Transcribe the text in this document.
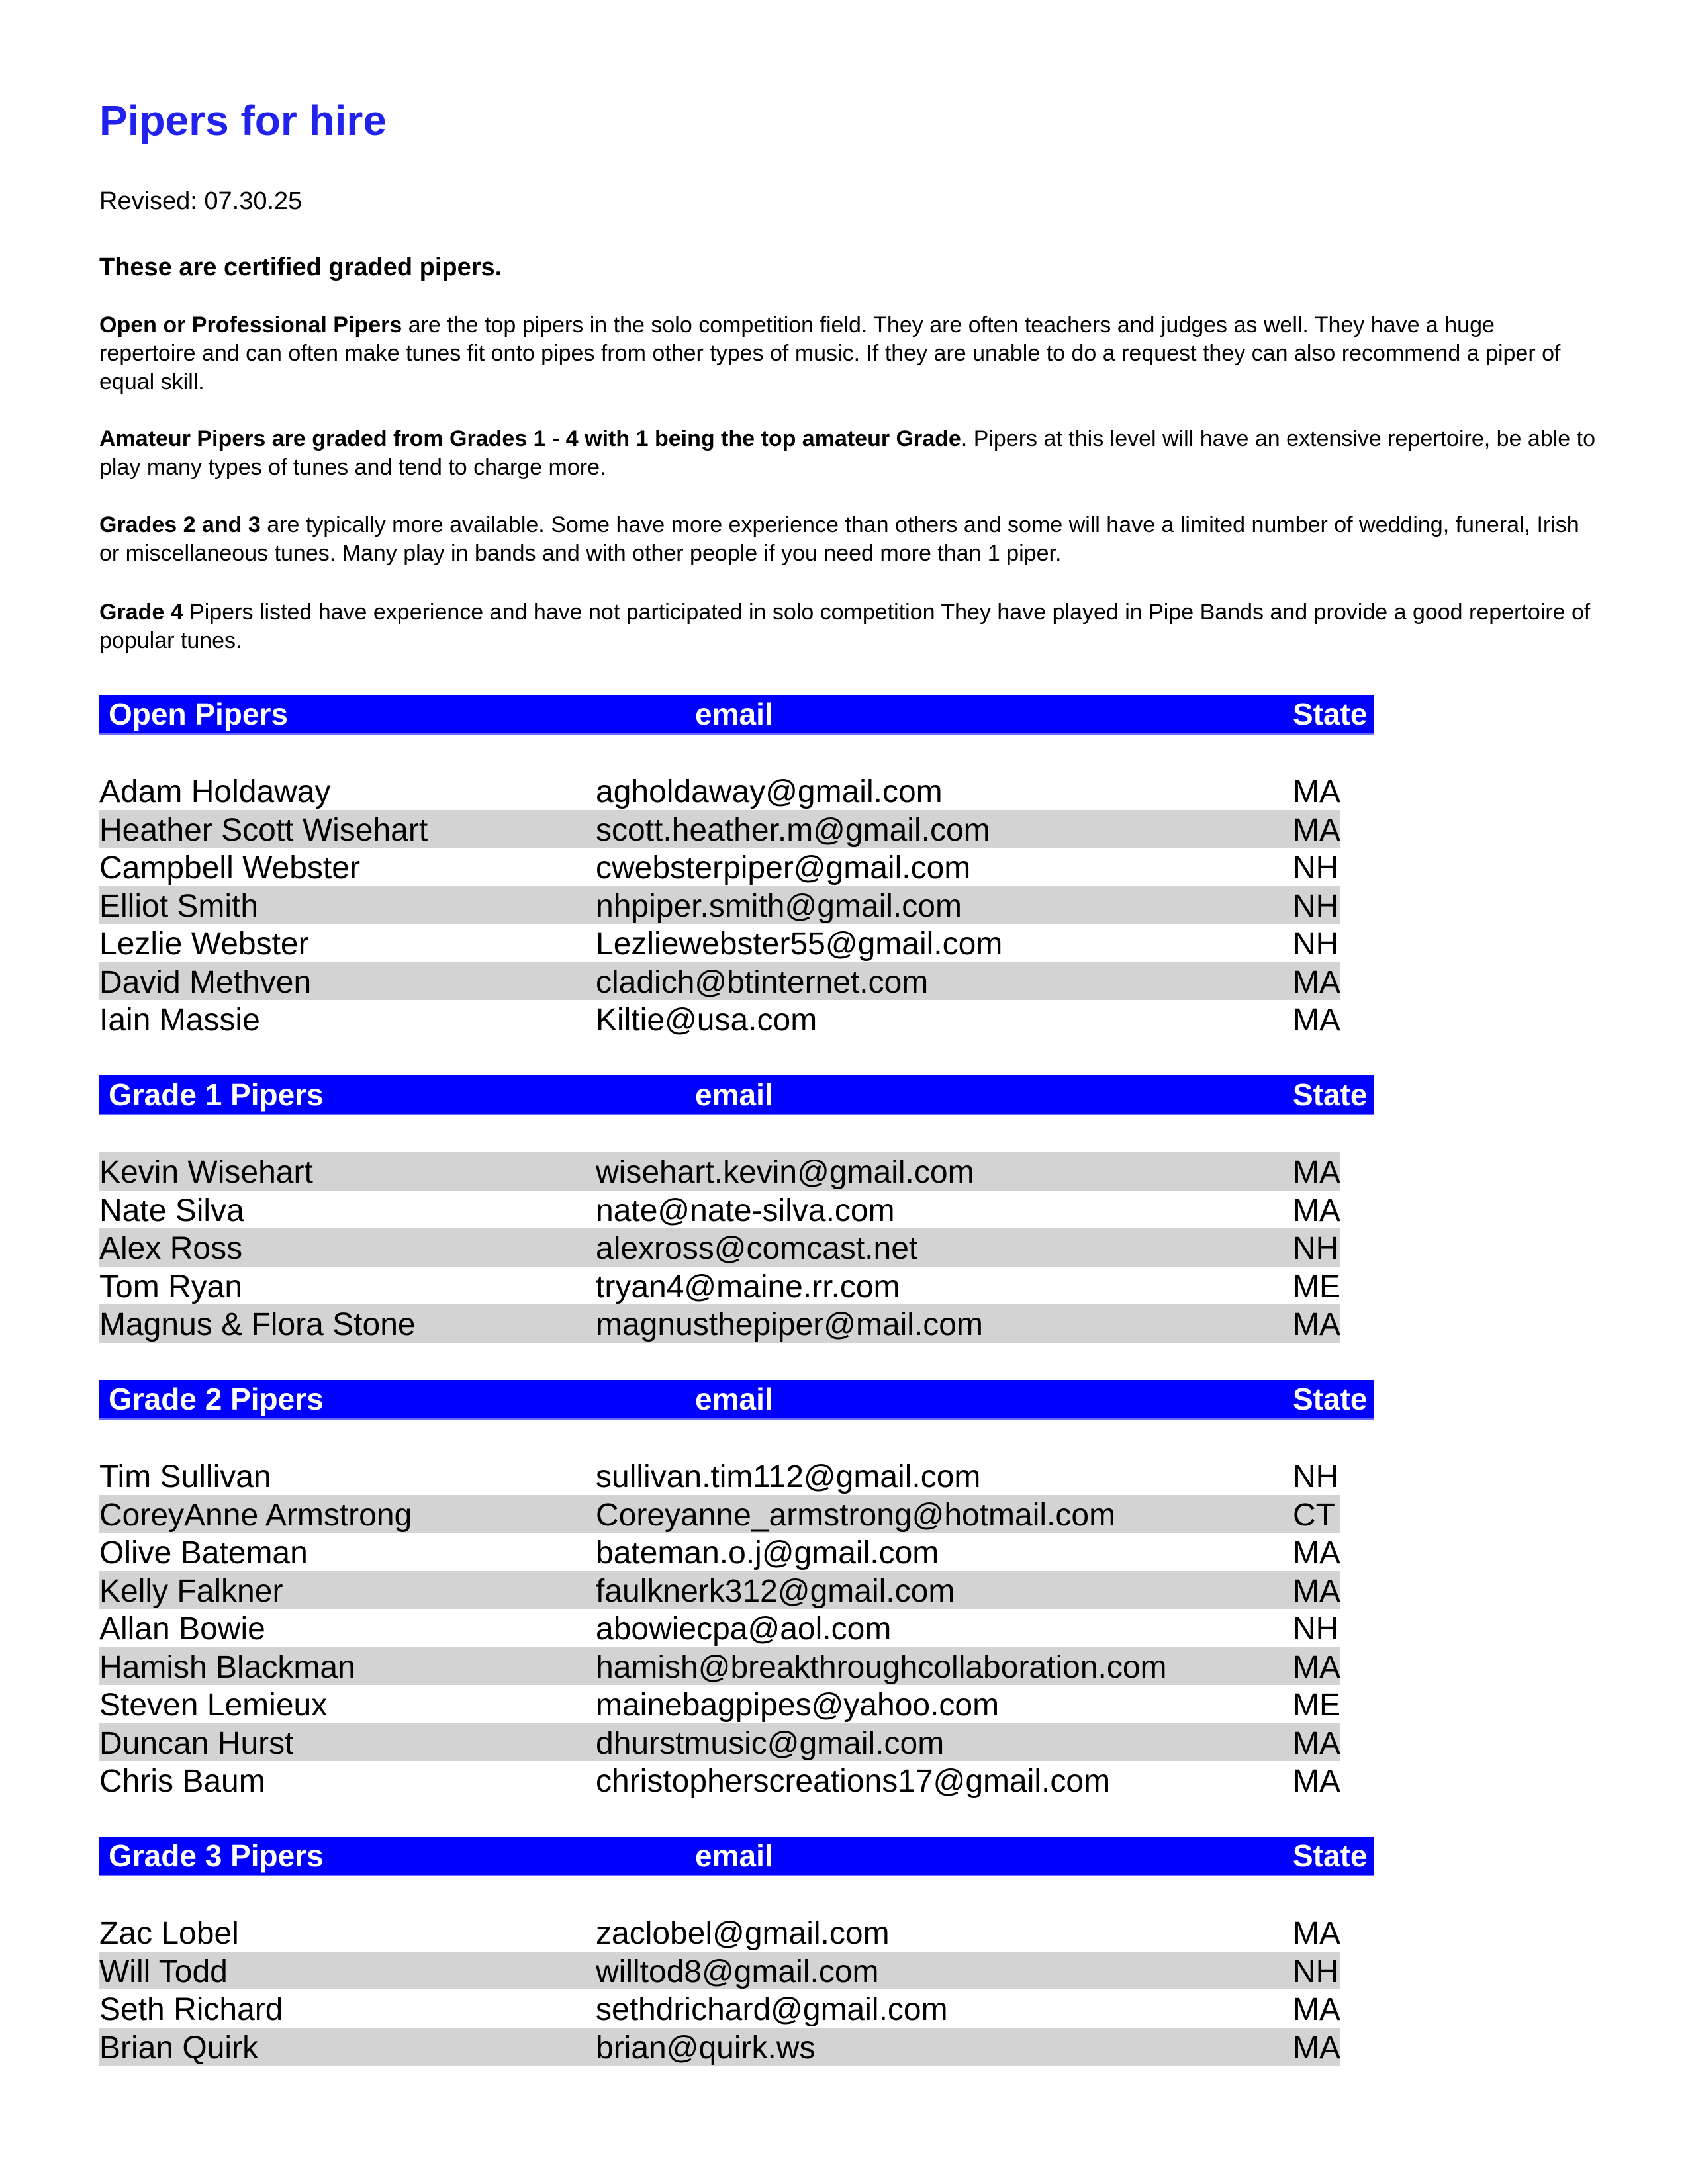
Pipers for hire
Revised: 07.30.25
These are certified graded pipers.
Open or Professional Pipers are the top pipers in the solo competition field. They are often teachers and judges as well. They have a huge repertoire and can often make tunes fit onto pipes from other types of music. If they are unable to do a request they can also recommend a piper of equal skill.
Amateur Pipers are graded from Grades 1 - 4 with 1 being the top amateur Grade. Pipers at this level will have an extensive repertoire, be able to play many types of tunes and tend to charge more.
Grades 2 and 3 are typically more available. Some have more experience than others and some will have a limited number of wedding, funeral, Irish or miscellaneous tunes. Many play in bands and with other people if you need more than 1 piper.
Grade 4 Pipers listed have experience and have not participated in solo competition They have played in Pipe Bands and provide a good repertoire of popular tunes.
Open Pipers	email	State
Adam Holdaway	agholdaway@gmail.com	MA
Heather Scott Wisehart	scott.heather.m@gmail.com	MA
Campbell Webster	cwebsterpiper@gmail.com	NH
Elliot Smith	nhpiper.smith@gmail.com	NH
Lezlie Webster	Lezliewebster55@gmail.com	NH
David Methven	cladich@btinternet.com	MA
Iain Massie	Kiltie@usa.com	MA
Grade 1 Pipers	email	State
Kevin Wisehart	wisehart.kevin@gmail.com	MA
Nate Silva	nate@nate-silva.com	MA
Alex Ross	alexross@comcast.net	NH
Tom Ryan	tryan4@maine.rr.com	ME
Magnus & Flora Stone	magnusthepiper@mail.com	MA
Grade 2 Pipers	email	State
Tim Sullivan	sullivan.tim112@gmail.com	NH
CoreyAnne Armstrong	Coreyanne_armstrong@hotmail.com	CT
Olive Bateman	bateman.o.j@gmail.com	MA
Kelly Falkner	faulknerk312@gmail.com	MA
Allan Bowie	abowiecpa@aol.com	NH
Hamish Blackman	hamish@breakthroughcollaboration.com	MA
Steven Lemieux	mainebagpipes@yahoo.com	ME
Duncan Hurst	dhurstmusic@gmail.com	MA
Chris Baum	christopherscreations17@gmail.com	MA
Grade 3 Pipers	email	State
Zac Lobel	zaclobel@gmail.com	MA
Will Todd	willtod8@gmail.com	NH
Seth Richard	sethdrichard@gmail.com	MA
Brian Quirk	brian@quirk.ws	MA
